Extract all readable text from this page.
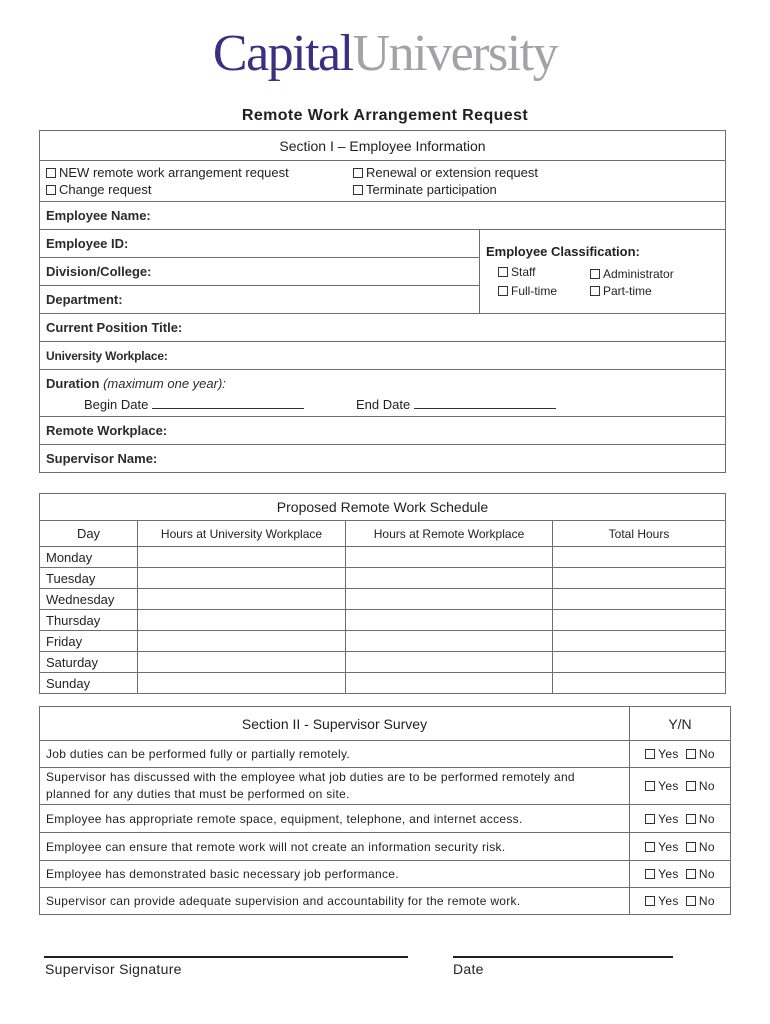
CapitalUniversity
Remote Work Arrangement Request
Section I – Employee Information

NEW remote work arrangement request	Renewal or extension request
Change request	Terminate participation

Employee Name:
Employee ID:	
Employee Classification:
Staff	Administrator
Full-time	Part-time

Division/College:
Department:
Current Position Title:
University Workplace:

Duration (maximum one year):
Begin Date	End Date

Remote Workplace:
Supervisor Name:
Proposed Remote Work Schedule			
Day	Hours at University Workplace	Hours at Remote Workplace	Total Hours
Monday			
Tuesday			
Wednesday			
Thursday			
Friday			
Saturday			
Sunday			
Section II - Supervisor Survey	Y/N
Job duties can be performed fully or partially remotely.	Yes No
Supervisor has discussed with the employee what job duties are to be performed remotely and planned for any duties that must be performed on site.	Yes No
Employee has appropriate remote space, equipment, telephone, and internet access.	Yes No
Employee can ensure that remote work will not create an information security risk.	Yes No
Employee has demonstrated basic necessary job performance.	Yes No
Supervisor can provide adequate supervision and accountability for the remote work.	Yes No
Supervisor Signature	Date
